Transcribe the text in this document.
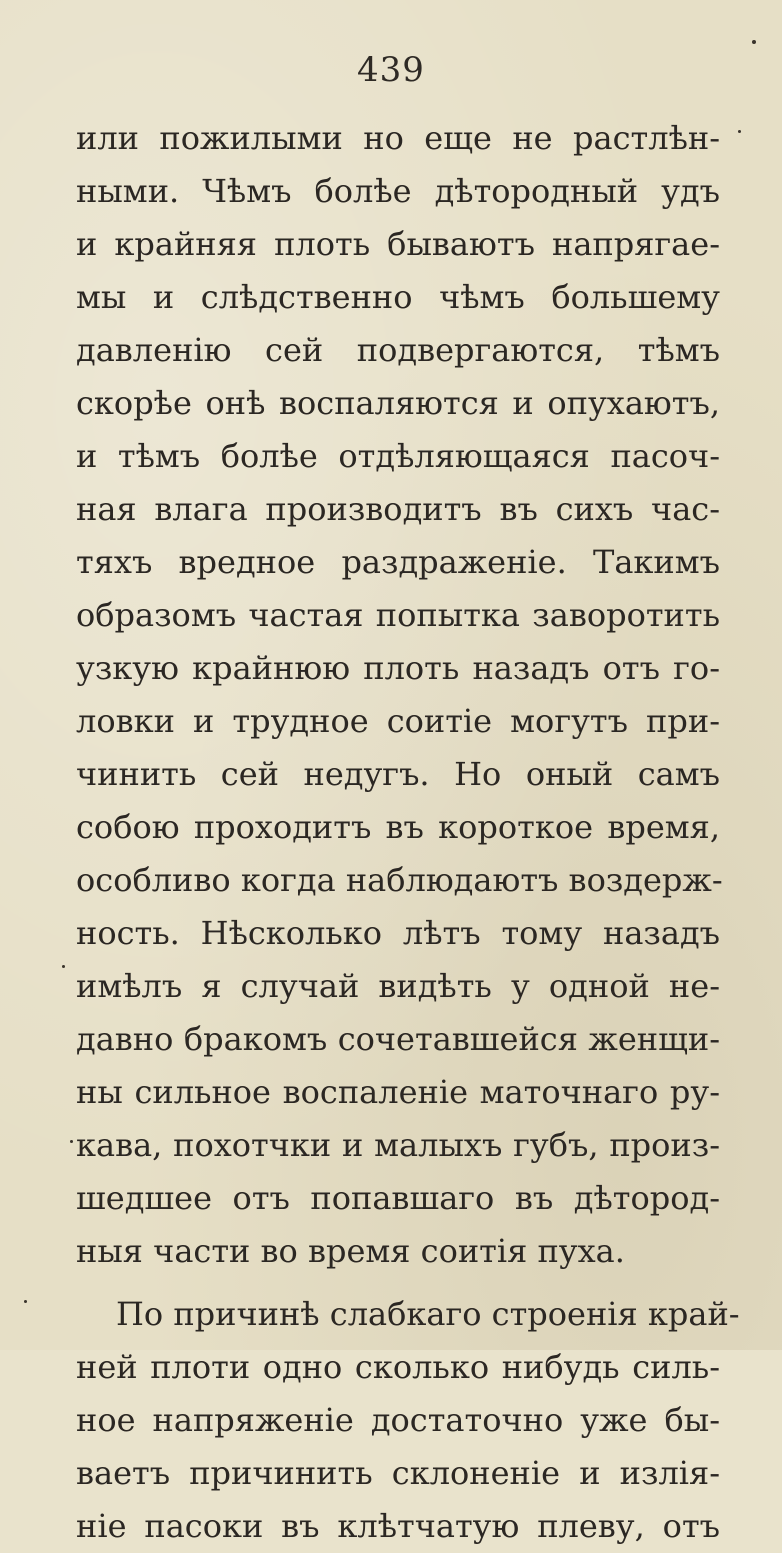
439
или пожилыми но еще не растлѣн-
ными. Чѣмъ болѣе дѣтородный удъ
и крайняя плоть бываютъ напрягае-
мы и слѣдственно чѣмъ большему
давленію сей подвергаются, тѣмъ
скорѣе онѣ воспаляются и опухаютъ,
и тѣмъ болѣе отдѣляющаяся пасоч-
ная влага производитъ въ сихъ час-
тяхъ вредное раздраженіе. Такимъ
образомъ частая попытка заворотить
узкую крайнюю плоть назадъ отъ го-
ловки и трудное соитіе могутъ при-
чинить сей недугъ. Но оный самъ
собою проходитъ въ короткое время,
особливо когда наблюдаютъ воздерж-
ность. Нѣсколько лѣтъ тому назадъ
имѣлъ я случай видѣть у одной не-
давно бракомъ сочетавшейся женщи-
ны сильное воспаленіе маточнаго ру-
кава, похотчки и малыхъ губъ, произ-
шедшее отъ попавшаго въ дѣтород-
ныя части во время соитія пуха.
По причинѣ слабкаго строенія край-
ней плоти одно сколько нибудь силь-
ное напряженіе достаточно уже бы-
ваетъ причинить склоненіе и излія-
ніе пасоки въ клѣтчатую плеву, отъ
